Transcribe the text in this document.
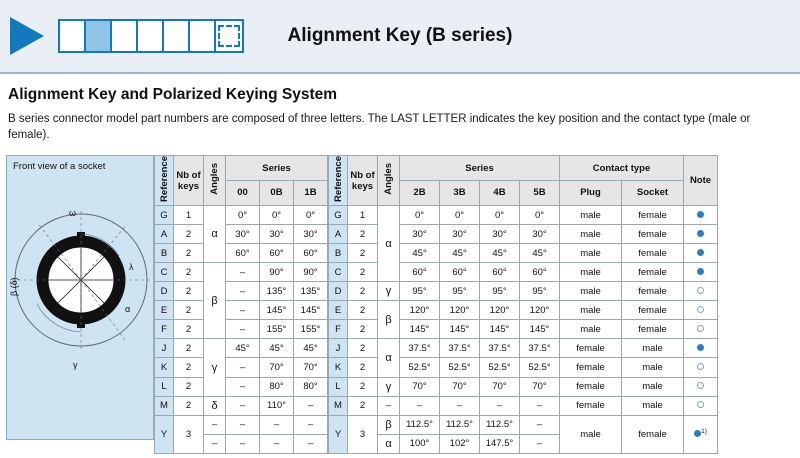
Alignment Key (B series)
Alignment Key and Polarized Keying System

B series connector model part numbers are composed of three letters. The LAST LETTER indicates the key position and the contact type (male or female).

Front view of a socket
ω
λ
α
γ
β (δ)
Reference	Nb of
keys	Angles	Series		
			00	0B	1B
G	1	α	0°	0°	0°
A	2		30°	30°	30°
B	2		60°	60°	60°
C	2	β	–	90°	90°
D	2		–	135°	135°
E	2		–	145°	145°
F	2		–	155°	155°
J	2	γ	45°	45°	45°
K	2		–	70°	70°
L	2		–	80°	80°
M	2	δ	–	110°	–
Y	3	–	–	–	–
		–	–	–	–
Reference	Nb of
keys	Angles	Series				Contact type		Note
			2B	3B	4B	5B	Plug	Socket	
G	1	α	0°	0°	0°	0°	male	female	
A	2		30°	30°	30°	30°	male	female	
B	2		45°	45°	45°	45°	male	female	
C	2		60°	60°	60°	60°	male	female	
D	2	γ	95°	95°	95°	95°	male	female	
E	2	β	120°	120°	120°	120°	male	female	
F	2		145°	145°	145°	145°	male	female	
J	2	α	37.5°	37.5°	37.5°	37.5°	female	male	
K	2		52.5°	52.5°	52.5°	52.5°	female	male	
L	2	γ	70°	70°	70°	70°	female	male	
M	2	–	–	–	–	–	female	male	
Y	3	β	112.5°	112.5°	112.5°	–	male	female	$^{1)}$
		α	100°	102°	147.5°	–			
